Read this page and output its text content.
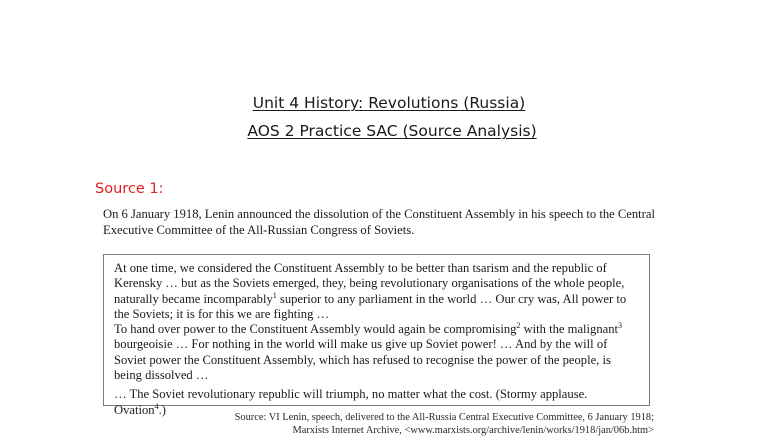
Unit 4 History: Revolutions (Russia)
AOS 2 Practice SAC (Source Analysis)
Source 1:

On 6 January 1918, Lenin announced the dissolution of the Constituent Assembly in his speech to the Central Executive Committee of the All-Russian Congress of Soviets.

At one time, we considered the Constituent Assembly to be better than tsarism and the republic of Kerensky … but as the Soviets emerged, they, being revolutionary organisations of the whole people, naturally became incomparably$^1$ superior to any parliament in the world … Our cry was, All power to the Soviets; it is for this we are fighting …

To hand over power to the Constituent Assembly would again be compromising$^2$ with the malignant$^3$ bourgeoisie … For nothing in the world will make us give up Soviet power! … And by the will of Soviet power the Constituent Assembly, which has refused to recognise the power of the people, is being dissolved …

… The Soviet revolutionary republic will triumph, no matter what the cost. (Stormy applause. Ovation$^4$.)

Source: VI Lenin, speech, delivered to the All-Russia Central Executive Committee, 6 January 1918;
Marxists Internet Archive, <www.marxists.org/archive/lenin/works/1918/jan/06b.htm>
